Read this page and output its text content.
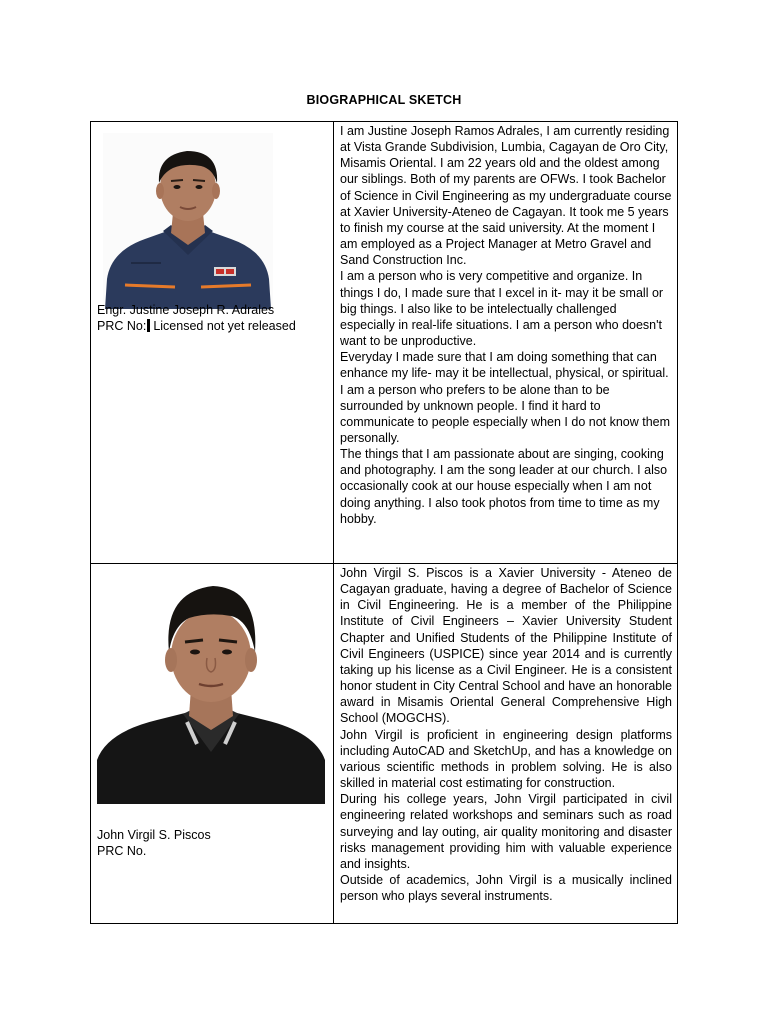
BIOGRAPHICAL SKETCH
Engr. Justine Joseph R. Adrales
PRC No: Licensed not yet released

I am Justine Joseph Ramos Adrales, I am currently residing at Vista Grande Subdivision, Lumbia, Cagayan de Oro City, Misamis Oriental. I am 22 years old and the oldest among our siblings. Both of my parents are OFWs. I took Bachelor of Science in Civil Engineering as my undergraduate course at Xavier University-Ateneo de Cagayan. It took me 5 years to finish my course at the said university. At the moment I am employed as a Project Manager at Metro Gravel and Sand Construction Inc.

I am a person who is very competitive and organize. In things I do, I made sure that I excel in it- may it be small or big things. I also like to be intelectually challenged especially in real-life situations. I am a person who doesn't want to be unproductive.

Everyday I made sure that I am doing something that can enhance my life- may it be intellectual, physical, or spiritual. I am a person who prefers to be alone than to be surrounded by unknown people. I find it hard to communicate to people especially when I do not know them personally.

The things that I am passionate about are singing, cooking and photography. I am the song leader at our church. I also occasionally cook at our house especially when I am not doing anything. I also took photos from time to time as my hobby.

John Virgil S. Piscos
PRC No.

John Virgil S. Piscos is a Xavier University - Ateneo de Cagayan graduate, having a degree of Bachelor of Science in Civil Engineering. He is a member of the Philippine Institute of Civil Engineers – Xavier University Student Chapter and Unified Students of the Philippine Institute of Civil Engineers (USPICE) since year 2014 and is currently taking up his license as a Civil Engineer. He is a consistent honor student in City Central School and have an honorable award in Misamis Oriental General Comprehensive High School (MOGCHS).

John Virgil is proficient in engineering design platforms including AutoCAD and SketchUp, and has a knowledge on various scientific methods in problem solving. He is also skilled in material cost estimating for construction.

During his college years, John Virgil participated in civil engineering related workshops and seminars such as road surveying and lay outing, air quality monitoring and disaster risks management providing him with valuable experience and insights.

Outside of academics, John Virgil is a musically inclined person who plays several instruments.
